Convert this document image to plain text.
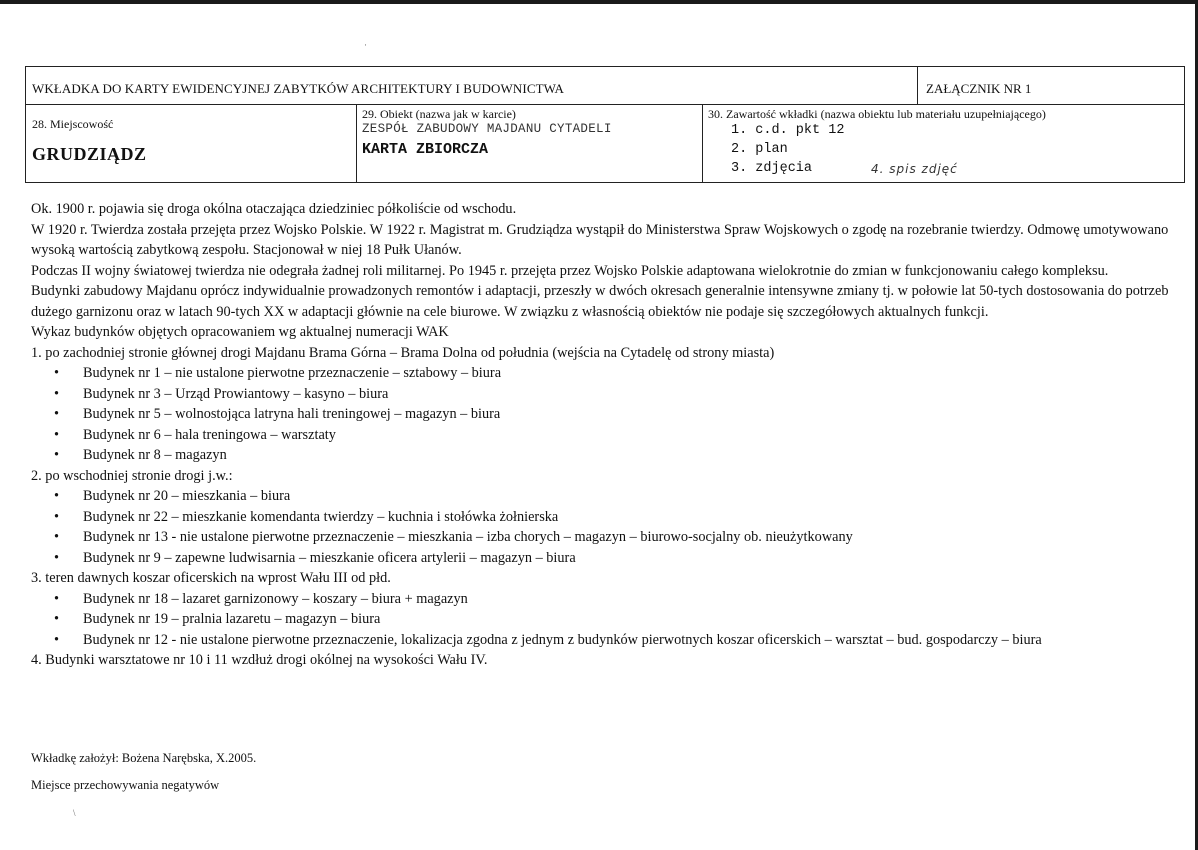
WKŁADKA DO KARTY EWIDENCYJNEJ ZABYTKÓW ARCHITEKTURY I BUDOWNICTWA	ZAŁĄCZNIK NR 1
28. Miejscowość
GRUDZIĄDZ
29. Obiekt (nazwa jak w karcie)
ZESPÓŁ ZABUDOWY MAJDANU CYTADELI
KARTA ZBIORCZA
30. Zawartość wkładki (nazwa obiektu lub materiału uzupełniającego)
1. c.d. pkt 12
2. plan
3. zdjęcia	4. spis zdjęć

Ok. 1900 r. pojawia się droga okólna otaczająca dziedziniec półkoliście od wschodu.

W 1920 r. Twierdza została przejęta przez Wojsko Polskie. W 1922 r. Magistrat m. Grudziądza wystąpił do Ministerstwa Spraw Wojskowych o zgodę na rozebranie twierdzy. Odmowę umotywowano wysoką wartością zabytkową zespołu. Stacjonował w niej 18 Pułk Ułanów.

Podczas II wojny światowej twierdza nie odegrała żadnej roli militarnej. Po 1945 r. przejęta przez Wojsko Polskie adaptowana wielokrotnie do zmian w funkcjonowaniu całego kompleksu.

Budynki zabudowy Majdanu oprócz indywidualnie prowadzonych remontów i adaptacji, przeszły w dwóch okresach generalnie intensywne zmiany tj. w połowie lat 50-tych dostosowania do potrzeb dużego garnizonu oraz w latach 90-tych XX w adaptacji głównie na cele biurowe. W związku z własnością obiektów nie podaje się szczegółowych aktualnych funkcji.

Wykaz budynków objętych opracowaniem wg aktualnej numeracji WAK

1. po zachodniej stronie głównej drogi Majdanu Brama Górna – Brama Dolna od południa (wejścia na Cytadelę od strony miasta)

• Budynek nr 1 – nie ustalone pierwotne przeznaczenie – sztabowy – biura
• Budynek nr 3 – Urząd Prowiantowy – kasyno – biura
• Budynek nr 5 – wolnostojąca latryna hali treningowej – magazyn – biura
• Budynek nr 6 – hala treningowa – warsztaty
• Budynek nr 8 – magazyn

2. po wschodniej stronie drogi j.w.:

• Budynek nr 20 – mieszkania – biura
• Budynek nr 22 – mieszkanie komendanta twierdzy – kuchnia i stołówka żołnierska
• Budynek nr 13 - nie ustalone pierwotne przeznaczenie – mieszkania – izba chorych – magazyn – biurowo-socjalny ob. nieużytkowany
• Budynek nr 9 – zapewne ludwisarnia – mieszkanie oficera artylerii – magazyn – biura

3. teren dawnych koszar oficerskich na wprost Wału III od płd.

• Budynek nr 18 – lazaret garnizonowy – koszary – biura + magazyn
• Budynek nr 19 – pralnia lazaretu – magazyn – biura
• Budynek nr 12 - nie ustalone pierwotne przeznaczenie, lokalizacja zgodna z jednym z budynków pierwotnych koszar oficerskich – warsztat – bud. gospodarczy – biura

4. Budynki warsztatowe nr 10 i 11 wzdłuż drogi okólnej na wysokości Wału IV.

Wkładkę założył: Bożena Narębska, X.2005.
Miejsce przechowywania negatywów
·
\
